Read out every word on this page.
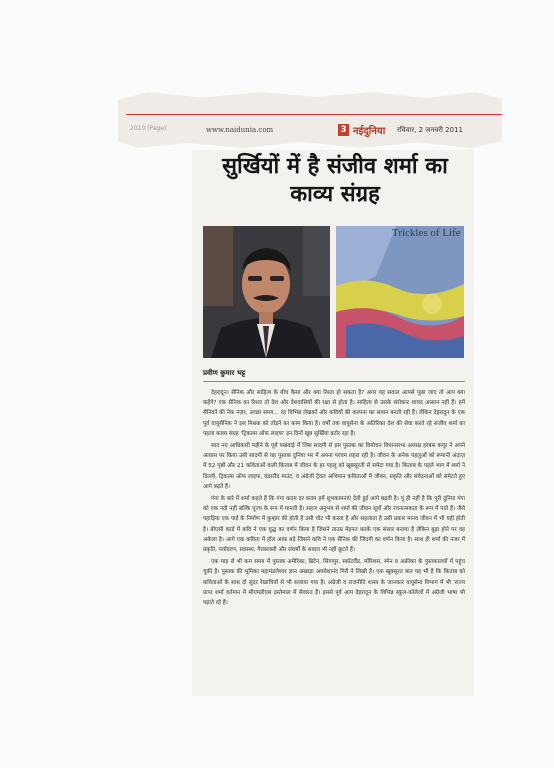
2010 (Page)	www.naidunia.com	3 नईदुनिया रविवार, 2 जनवरी 2011
सुर्खियों में है संजीव शर्मा का काव्य संग्रह
Trickles of Life
प्रवीण कुमार भट्ट

देहरादून। सैनिक और साहित्य के बीच कैसा और क्या रिश्ता हो सकता है? अगर यह सवाल आपसे पूछा जाए तो आप क्या कहेंगे? एक सैनिक का रिश्ता तो देश और देशवासियों की रक्षा से होता है। साहित्य से उसके संरोकार शायद आसान नहीं हैं। हमें सैनिकों की नेक नज़र, अच्छा समय... रह विभिन्न लेखकों और कवियों की कल्पना का साधन बनती रही हैं। लेकिन देहरादून के एक पूर्व वायुसैनिक ने इस मिथक को तोड़ने का काम किया है। वर्षों तक वायुसेना के अतिरिक्त देश की सेवा करते रहे संजीव शर्मा का पहला काव्य संग्रह 'ट्रिकल्स ऑफ लाइफ' इन दिनों खूब सुर्खियां बटोर रहा है।

सात नए आधिकारी महीने के पूर्व पखवाड़े में जिस सादगी से इस पुस्तक का विमोचन विधानसभा अध्यक्ष हरबंस कपूर ने अपने आवास पर किया उसी सादगी से यह पुस्तक दुनिया भर में अपना परचम लहरा रही है। जीवन के अनेक पहलुओं को रूमानी अंदाज़ में 52 पृष्ठों और 21 कविताओं वाली किताब में जीवन के हर पहलू को खूबसूरती से समेटा गया है। किताब के पहले भाग में शर्मा ने दिल्ली, ट्रिकल्स ऑफ लाइफ, वंडरलैंड माउंट, व अंग्रेजी ट्रेवल अभियान कविताओं में जीवन, प्रकृति और संवेदनाओं को समेटते हुए आगे बढ़ते हैं।

गंगा के बारे में शर्मा कहते हैं कि गंगा कदम दर कदम हमें शुभकामनाएं देती हुई आगे बढ़ती है। यूं ही नहीं है कि पूरी दुनिया गंगा को एक नदी नहीं बल्कि पूज्य के रूप में मानती है। सहज अनुभव से शर्मा की जीवन सूत्रों और रचनात्मकता के रूप में पाते हैं। जैसे पहाड़िया एक पाई के निर्माण में कुम्हार की होती है उसी चोट भी करता है और सहलाता है उसी प्रकार मानव जीवन में भी यही होती है। बीएसी कार्ड में कवि ने एक युद्ध का वर्णन किया है जिसने ताउम्र मेहनत करके एक संसार बनाया है लेकिन बूढ़ा होने पर वह अकेला है। आगे एक कविता में हॉल आफ़ बड़े जिसने कवि ने एक सैनिक की जिंदगी का वर्णन किया है। साथ ही शर्मा की नजर में प्रकृति, पर्यावरण, स्वास्थ्य, गैरबराबरी और संघर्षों के सवाल भी नहीं छूटते हैं।

एक माह से भी कम समय में पुस्तक अमेरिका, ब्रिटेन, सिंगापुर, स्कॉटलैंड, मॉरिशस, स्पेन व अफ्रीका के पुस्तकालयों में पहुंच चुकी है। पुस्तक की भूमिका महामंडलेश्वर ज्ञान अखाड़ा अवधेशानंद गिरी ने लिखी है। एक खूबसूरत बात यह भी है कि किताब को कविताओं के साथ दो सुंदर रेखाचित्रों से भी सजाया गया है। अंग्रेजी व राजनीति शास्त्र के जानकार वायुसेना विभाग में भी 'राज्य प्राप्त शर्मा वर्तमान में सीएमडीएस इस्तेमाल में सेवारत हैं। इससे पूर्व आप देहरादून के विभिन्न स्कूल-कॉलेजों में अंग्रेजी भाषा भी पढ़ाते रहे हैं।
